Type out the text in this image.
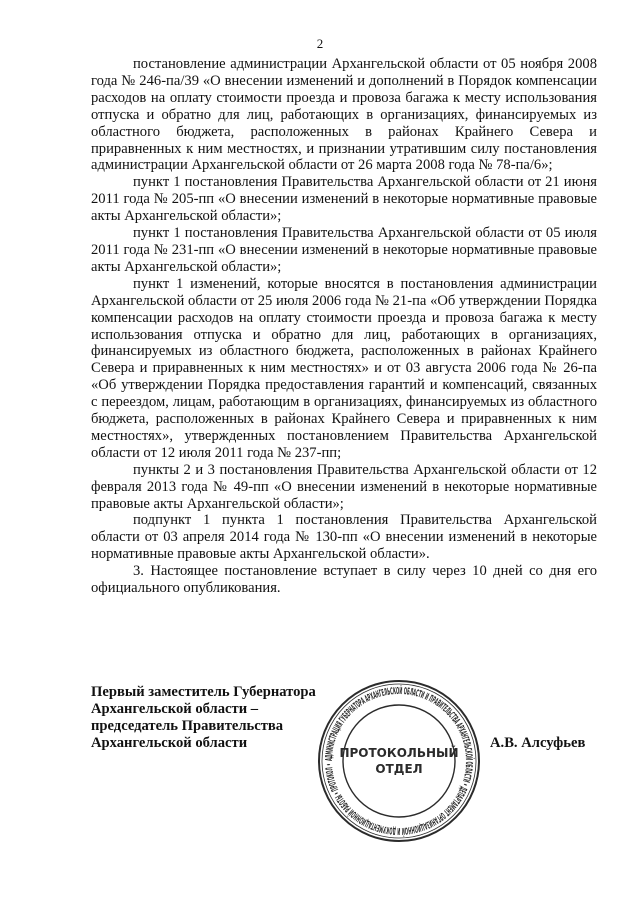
2

постановление администрации Архангельской области от 05 ноября 2008 года № 246-па/39 «О внесении изменений и дополнений в Порядок компенсации расходов на оплату стоимости проезда и провоза багажа к месту использования отпуска и обратно для лиц, работающих в организациях, финансируемых из областного бюджета, расположенных в районах Крайнего Севера и приравненных к ним местностях, и признании утратившим силу постановления администрации Архангельской области от 26 марта 2008 года № 78-па/6»;

пункт 1 постановления Правительства Архангельской области от 21 июня 2011 года № 205-пп «О внесении изменений в некоторые нормативные правовые акты Архангельской области»;

пункт 1 постановления Правительства Архангельской области от 05 июля 2011 года № 231-пп «О внесении изменений в некоторые нормативные правовые акты Архангельской области»;

пункт 1 изменений, которые вносятся в постановления администрации Архангельской области от 25 июля 2006 года № 21-па «Об утверждении Порядка компенсации расходов на оплату стоимости проезда и провоза багажа к месту использования отпуска и обратно для лиц, работающих в организациях, финансируемых из областного бюджета, расположенных в районах Крайнего Севера и приравненных к ним местностях» и от 03 августа 2006 года № 26-па «Об утверждении Порядка предоставления гарантий и компенсаций, связанных с переездом, лицам, работающим в организациях, финансируемых из областного бюджета, расположенных в районах Крайнего Севера и приравненных к ним местностях», утвержденных постановлением Правительства Архангельской области от 12 июля 2011 года № 237-пп;

пункты 2 и 3 постановления Правительства Архангельской области от 12 февраля 2013 года № 49-пп «О внесении изменений в некоторые нормативные правовые акты Архангельской области»;

подпункт 1 пункта 1 постановления Правительства Архангельской области от 03 апреля 2014 года № 130-пп «О внесении изменений в некоторые нормативные правовые акты Архангельской области».

3. Настоящее постановление вступает в силу через 10 дней со дня его официального опубликования.

Первый заместитель Губернатора
Архангельской области –
председатель Правительства
Архангельской области	А.В. Алсуфьев
АДМИНИСТРАЦИЯ ГУБЕРНАТОРА АРХАНГЕЛЬСКОЙ ОБЛАСТИ И ПРАВИТЕЛЬСТВА АРХАНГЕЛЬСКОЙ ОБЛАСТИ • ДЕПАРТАМЕНТ ОРГАНИЗАЦИОННОЙ И ДОКУМЕНТАЦИОННОЙ РАБОТЫ • ПРОТОКОЛ •
ПРОТОКОЛЬНЫЙ
ОТДЕЛ
